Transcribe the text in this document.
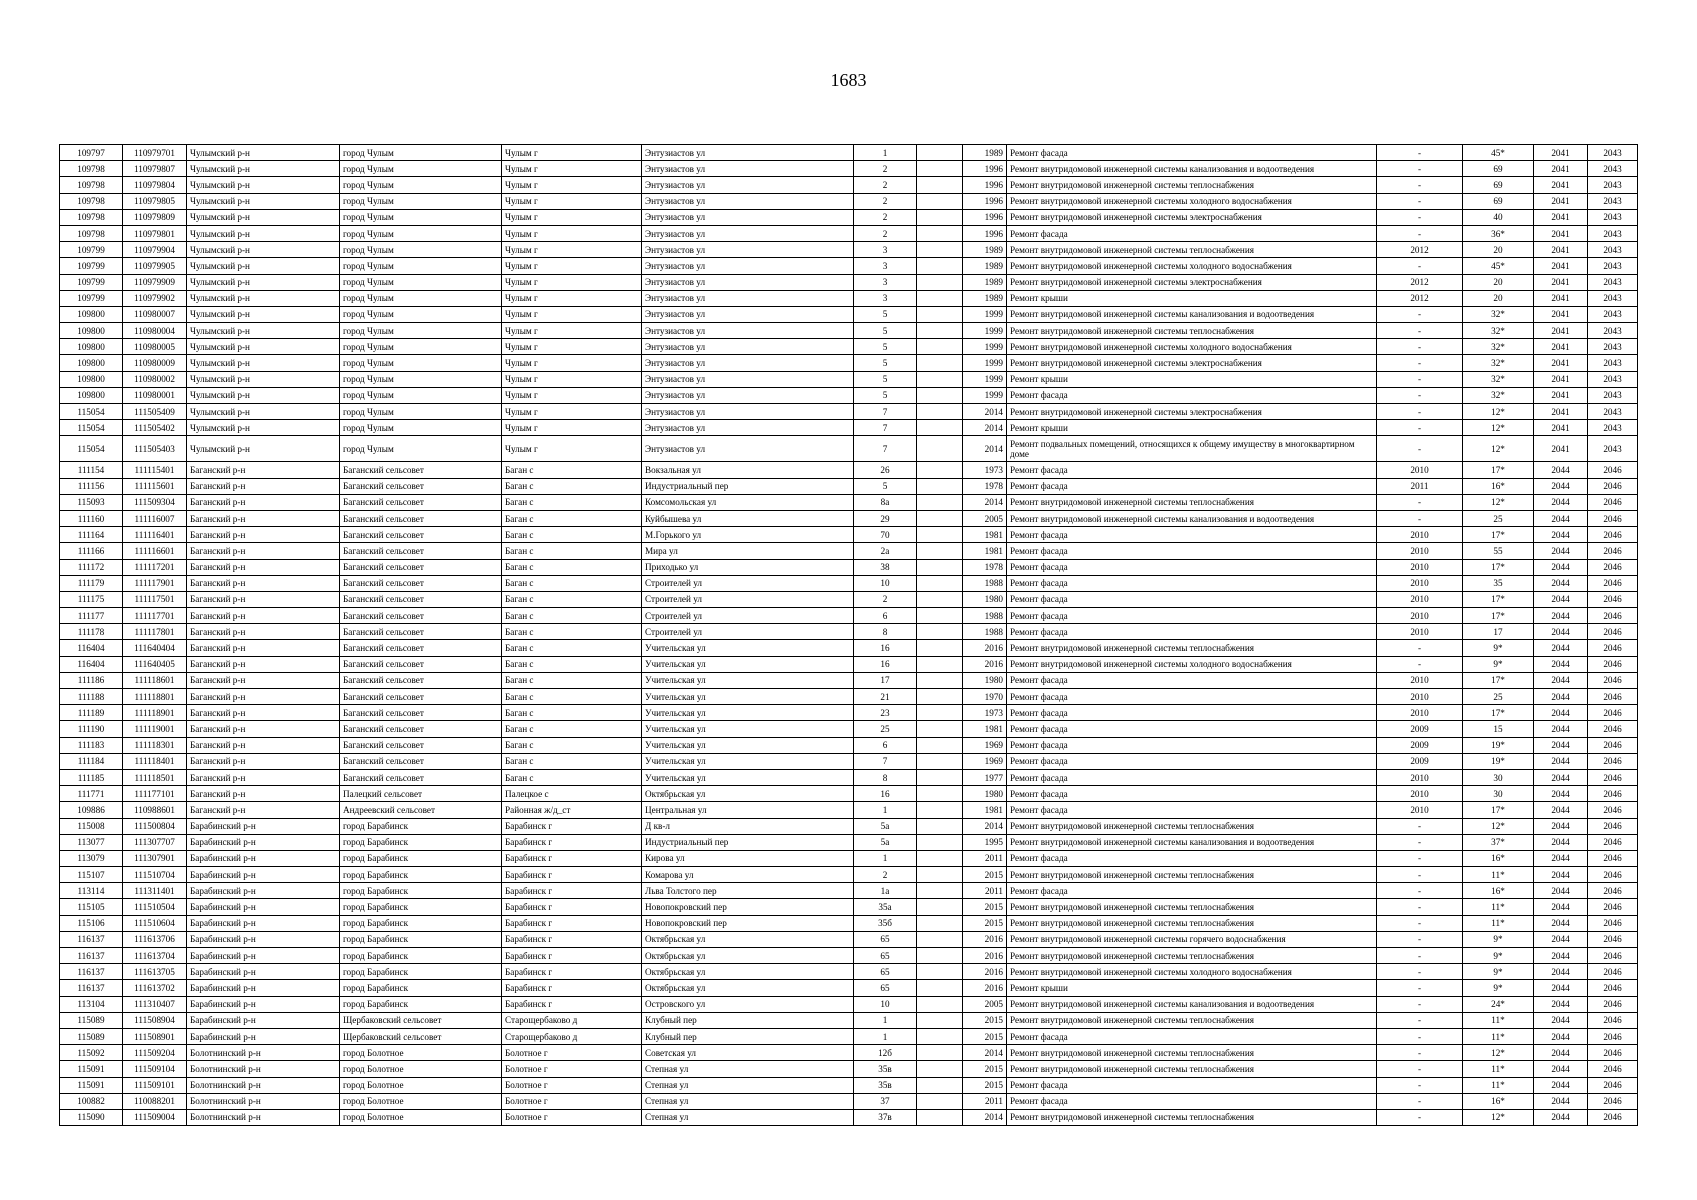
1683
109797	110979701	Чулымский р-н	город Чулым	Чулым г	Энтузиастов ул	1		1989	Ремонт фасада	-	45*	2041	2043
109798	110979807	Чулымский р-н	город Чулым	Чулым г	Энтузиастов ул	2		1996	Ремонт внутридомовой инженерной системы канализования и водоотведения	-	69	2041	2043
109798	110979804	Чулымский р-н	город Чулым	Чулым г	Энтузиастов ул	2		1996	Ремонт внутридомовой инженерной системы теплоснабжения	-	69	2041	2043
109798	110979805	Чулымский р-н	город Чулым	Чулым г	Энтузиастов ул	2		1996	Ремонт внутридомовой инженерной системы холодного водоснабжения	-	69	2041	2043
109798	110979809	Чулымский р-н	город Чулым	Чулым г	Энтузиастов ул	2		1996	Ремонт внутридомовой инженерной системы электроснабжения	-	40	2041	2043
109798	110979801	Чулымский р-н	город Чулым	Чулым г	Энтузиастов ул	2		1996	Ремонт фасада	-	36*	2041	2043
109799	110979904	Чулымский р-н	город Чулым	Чулым г	Энтузиастов ул	3		1989	Ремонт внутридомовой инженерной системы теплоснабжения	2012	20	2041	2043
109799	110979905	Чулымский р-н	город Чулым	Чулым г	Энтузиастов ул	3		1989	Ремонт внутридомовой инженерной системы холодного водоснабжения	-	45*	2041	2043
109799	110979909	Чулымский р-н	город Чулым	Чулым г	Энтузиастов ул	3		1989	Ремонт внутридомовой инженерной системы электроснабжения	2012	20	2041	2043
109799	110979902	Чулымский р-н	город Чулым	Чулым г	Энтузиастов ул	3		1989	Ремонт крыши	2012	20	2041	2043
109800	110980007	Чулымский р-н	город Чулым	Чулым г	Энтузиастов ул	5		1999	Ремонт внутридомовой инженерной системы канализования и водоотведения	-	32*	2041	2043
109800	110980004	Чулымский р-н	город Чулым	Чулым г	Энтузиастов ул	5		1999	Ремонт внутридомовой инженерной системы теплоснабжения	-	32*	2041	2043
109800	110980005	Чулымский р-н	город Чулым	Чулым г	Энтузиастов ул	5		1999	Ремонт внутридомовой инженерной системы холодного водоснабжения	-	32*	2041	2043
109800	110980009	Чулымский р-н	город Чулым	Чулым г	Энтузиастов ул	5		1999	Ремонт внутридомовой инженерной системы электроснабжения	-	32*	2041	2043
109800	110980002	Чулымский р-н	город Чулым	Чулым г	Энтузиастов ул	5		1999	Ремонт крыши	-	32*	2041	2043
109800	110980001	Чулымский р-н	город Чулым	Чулым г	Энтузиастов ул	5		1999	Ремонт фасада	-	32*	2041	2043
115054	111505409	Чулымский р-н	город Чулым	Чулым г	Энтузиастов ул	7		2014	Ремонт внутридомовой инженерной системы электроснабжения	-	12*	2041	2043
115054	111505402	Чулымский р-н	город Чулым	Чулым г	Энтузиастов ул	7		2014	Ремонт крыши	-	12*	2041	2043
115054	111505403	Чулымский р-н	город Чулым	Чулым г	Энтузиастов ул	7		2014	Ремонт подвальных помещений, относящихся к общему имуществу в многоквартирном доме	-	12*	2041	2043
111154	111115401	Баганский р-н	Баганский сельсовет	Баган с	Вокзальная ул	26		1973	Ремонт фасада	2010	17*	2044	2046
111156	111115601	Баганский р-н	Баганский сельсовет	Баган с	Индустриальный пер	5		1978	Ремонт фасада	2011	16*	2044	2046
115093	111509304	Баганский р-н	Баганский сельсовет	Баган с	Комсомольская ул	8а		2014	Ремонт внутридомовой инженерной системы теплоснабжения	-	12*	2044	2046
111160	111116007	Баганский р-н	Баганский сельсовет	Баган с	Куйбышева ул	29		2005	Ремонт внутридомовой инженерной системы канализования и водоотведения	-	25	2044	2046
111164	111116401	Баганский р-н	Баганский сельсовет	Баган с	М.Горького ул	70		1981	Ремонт фасада	2010	17*	2044	2046
111166	111116601	Баганский р-н	Баганский сельсовет	Баган с	Мира ул	2а		1981	Ремонт фасада	2010	55	2044	2046
111172	111117201	Баганский р-н	Баганский сельсовет	Баган с	Приходько ул	38		1978	Ремонт фасада	2010	17*	2044	2046
111179	111117901	Баганский р-н	Баганский сельсовет	Баган с	Строителей ул	10		1988	Ремонт фасада	2010	35	2044	2046
111175	111117501	Баганский р-н	Баганский сельсовет	Баган с	Строителей ул	2		1980	Ремонт фасада	2010	17*	2044	2046
111177	111117701	Баганский р-н	Баганский сельсовет	Баган с	Строителей ул	6		1988	Ремонт фасада	2010	17*	2044	2046
111178	111117801	Баганский р-н	Баганский сельсовет	Баган с	Строителей ул	8		1988	Ремонт фасада	2010	17	2044	2046
116404	111640404	Баганский р-н	Баганский сельсовет	Баган с	Учительская ул	16		2016	Ремонт внутридомовой инженерной системы теплоснабжения	-	9*	2044	2046
116404	111640405	Баганский р-н	Баганский сельсовет	Баган с	Учительская ул	16		2016	Ремонт внутридомовой инженерной системы холодного водоснабжения	-	9*	2044	2046
111186	111118601	Баганский р-н	Баганский сельсовет	Баган с	Учительская ул	17		1980	Ремонт фасада	2010	17*	2044	2046
111188	111118801	Баганский р-н	Баганский сельсовет	Баган с	Учительская ул	21		1970	Ремонт фасада	2010	25	2044	2046
111189	111118901	Баганский р-н	Баганский сельсовет	Баган с	Учительская ул	23		1973	Ремонт фасада	2010	17*	2044	2046
111190	111119001	Баганский р-н	Баганский сельсовет	Баган с	Учительская ул	25		1981	Ремонт фасада	2009	15	2044	2046
111183	111118301	Баганский р-н	Баганский сельсовет	Баган с	Учительская ул	6		1969	Ремонт фасада	2009	19*	2044	2046
111184	111118401	Баганский р-н	Баганский сельсовет	Баган с	Учительская ул	7		1969	Ремонт фасада	2009	19*	2044	2046
111185	111118501	Баганский р-н	Баганский сельсовет	Баган с	Учительская ул	8		1977	Ремонт фасада	2010	30	2044	2046
111771	111177101	Баганский р-н	Палецкий сельсовет	Палецкое с	Октябрьская ул	16		1980	Ремонт фасада	2010	30	2044	2046
109886	110988601	Баганский р-н	Андреевский сельсовет	Районная ж/д_ст	Центральная ул	1		1981	Ремонт фасада	2010	17*	2044	2046
115008	111500804	Барабинский р-н	город Барабинск	Барабинск г	Д кв-л	5а		2014	Ремонт внутридомовой инженерной системы теплоснабжения	-	12*	2044	2046
113077	111307707	Барабинский р-н	город Барабинск	Барабинск г	Индустриальный пер	5а		1995	Ремонт внутридомовой инженерной системы канализования и водоотведения	-	37*	2044	2046
113079	111307901	Барабинский р-н	город Барабинск	Барабинск г	Кирова ул	1		2011	Ремонт фасада	-	16*	2044	2046
115107	111510704	Барабинский р-н	город Барабинск	Барабинск г	Комарова ул	2		2015	Ремонт внутридомовой инженерной системы теплоснабжения	-	11*	2044	2046
113114	111311401	Барабинский р-н	город Барабинск	Барабинск г	Льва Толстого пер	1а		2011	Ремонт фасада	-	16*	2044	2046
115105	111510504	Барабинский р-н	город Барабинск	Барабинск г	Новопокровский пер	35а		2015	Ремонт внутридомовой инженерной системы теплоснабжения	-	11*	2044	2046
115106	111510604	Барабинский р-н	город Барабинск	Барабинск г	Новопокровский пер	35б		2015	Ремонт внутридомовой инженерной системы теплоснабжения	-	11*	2044	2046
116137	111613706	Барабинский р-н	город Барабинск	Барабинск г	Октябрьская ул	65		2016	Ремонт внутридомовой инженерной системы горячего водоснабжения	-	9*	2044	2046
116137	111613704	Барабинский р-н	город Барабинск	Барабинск г	Октябрьская ул	65		2016	Ремонт внутридомовой инженерной системы теплоснабжения	-	9*	2044	2046
116137	111613705	Барабинский р-н	город Барабинск	Барабинск г	Октябрьская ул	65		2016	Ремонт внутридомовой инженерной системы холодного водоснабжения	-	9*	2044	2046
116137	111613702	Барабинский р-н	город Барабинск	Барабинск г	Октябрьская ул	65		2016	Ремонт крыши	-	9*	2044	2046
113104	111310407	Барабинский р-н	город Барабинск	Барабинск г	Островского ул	10		2005	Ремонт внутридомовой инженерной системы канализования и водоотведения	-	24*	2044	2046
115089	111508904	Барабинский р-н	Щербаковский сельсовет	Старощербаково д	Клубный пер	1		2015	Ремонт внутридомовой инженерной системы теплоснабжения	-	11*	2044	2046
115089	111508901	Барабинский р-н	Щербаковский сельсовет	Старощербаково д	Клубный пер	1		2015	Ремонт фасада	-	11*	2044	2046
115092	111509204	Болотнинский р-н	город Болотное	Болотное г	Советская ул	12б		2014	Ремонт внутридомовой инженерной системы теплоснабжения	-	12*	2044	2046
115091	111509104	Болотнинский р-н	город Болотное	Болотное г	Степная ул	35в		2015	Ремонт внутридомовой инженерной системы теплоснабжения	-	11*	2044	2046
115091	111509101	Болотнинский р-н	город Болотное	Болотное г	Степная ул	35в		2015	Ремонт фасада	-	11*	2044	2046
100882	110088201	Болотнинский р-н	город Болотное	Болотное г	Степная ул	37		2011	Ремонт фасада	-	16*	2044	2046
115090	111509004	Болотнинский р-н	город Болотное	Болотное г	Степная ул	37в		2014	Ремонт внутридомовой инженерной системы теплоснабжения	-	12*	2044	2046
